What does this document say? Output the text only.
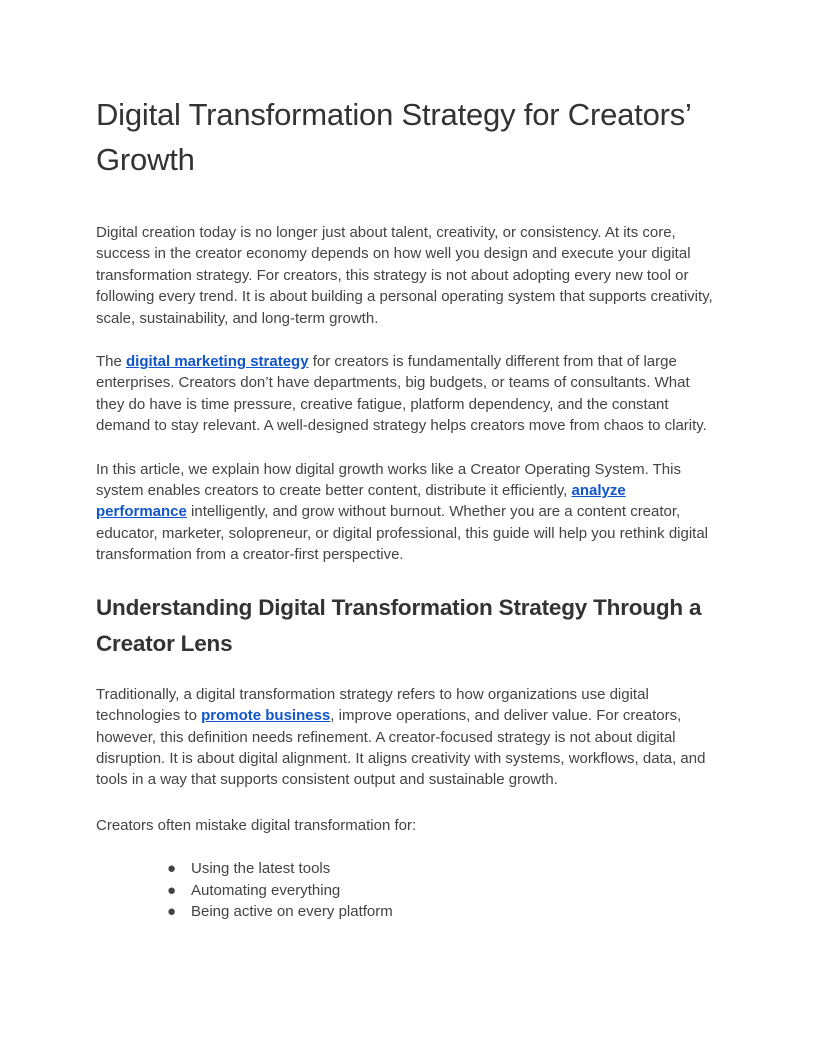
Digital Transformation Strategy for Creators’ Growth

Digital creation today is no longer just about talent, creativity, or consistency. At its core, success in the creator economy depends on how well you design and execute your digital transformation strategy. For creators, this strategy is not about adopting every new tool or following every trend. It is about building a personal operating system that supports creativity, scale, sustainability, and long-term growth.

The digital marketing strategy for creators is fundamentally different from that of large enterprises. Creators don’t have departments, big budgets, or teams of consultants. What they do have is time pressure, creative fatigue, platform dependency, and the constant demand to stay relevant. A well-designed strategy helps creators move from chaos to clarity.

In this article, we explain how digital growth works like a Creator Operating System. This system enables creators to create better content, distribute it efficiently, analyze performance intelligently, and grow without burnout. Whether you are a content creator, educator, marketer, solopreneur, or digital professional, this guide will help you rethink digital transformation from a creator-first perspective.

Understanding Digital Transformation Strategy Through a Creator Lens

Traditionally, a digital transformation strategy refers to how organizations use digital technologies to promote business, improve operations, and deliver value. For creators, however, this definition needs refinement. A creator-focused strategy is not about digital disruption. It is about digital alignment. It aligns creativity with systems, workflows, data, and tools in a way that supports consistent output and sustainable growth.

Creators often mistake digital transformation for:

● Using the latest tools
● Automating everything
● Being active on every platform
